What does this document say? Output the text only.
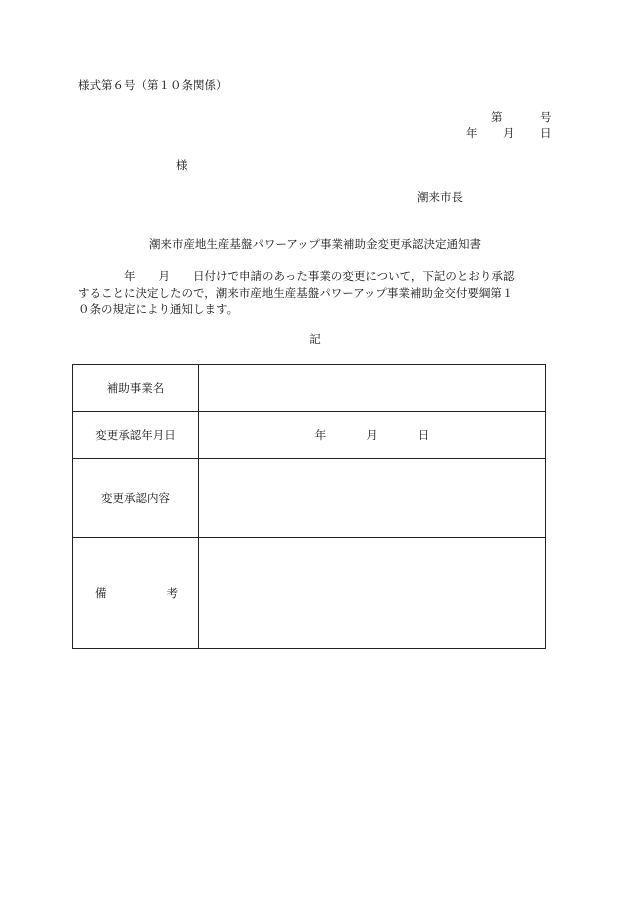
様式第６号（第１０条関係）
第	号
年 月 日
様
潮来市長
潮来市産地生産基盤パワーアップ事業補助金変更承認決定通知書
　　　　年　　月　　日付けで申請のあった事業の変更について，下記のとおり承認
することに決定したので，潮来市産地生産基盤パワーアップ事業補助金交付要綱第１
０条の規定により通知します。
記
補助事業名	
変更承認年月日	年 月 日

変更承認内容	

備 考	
